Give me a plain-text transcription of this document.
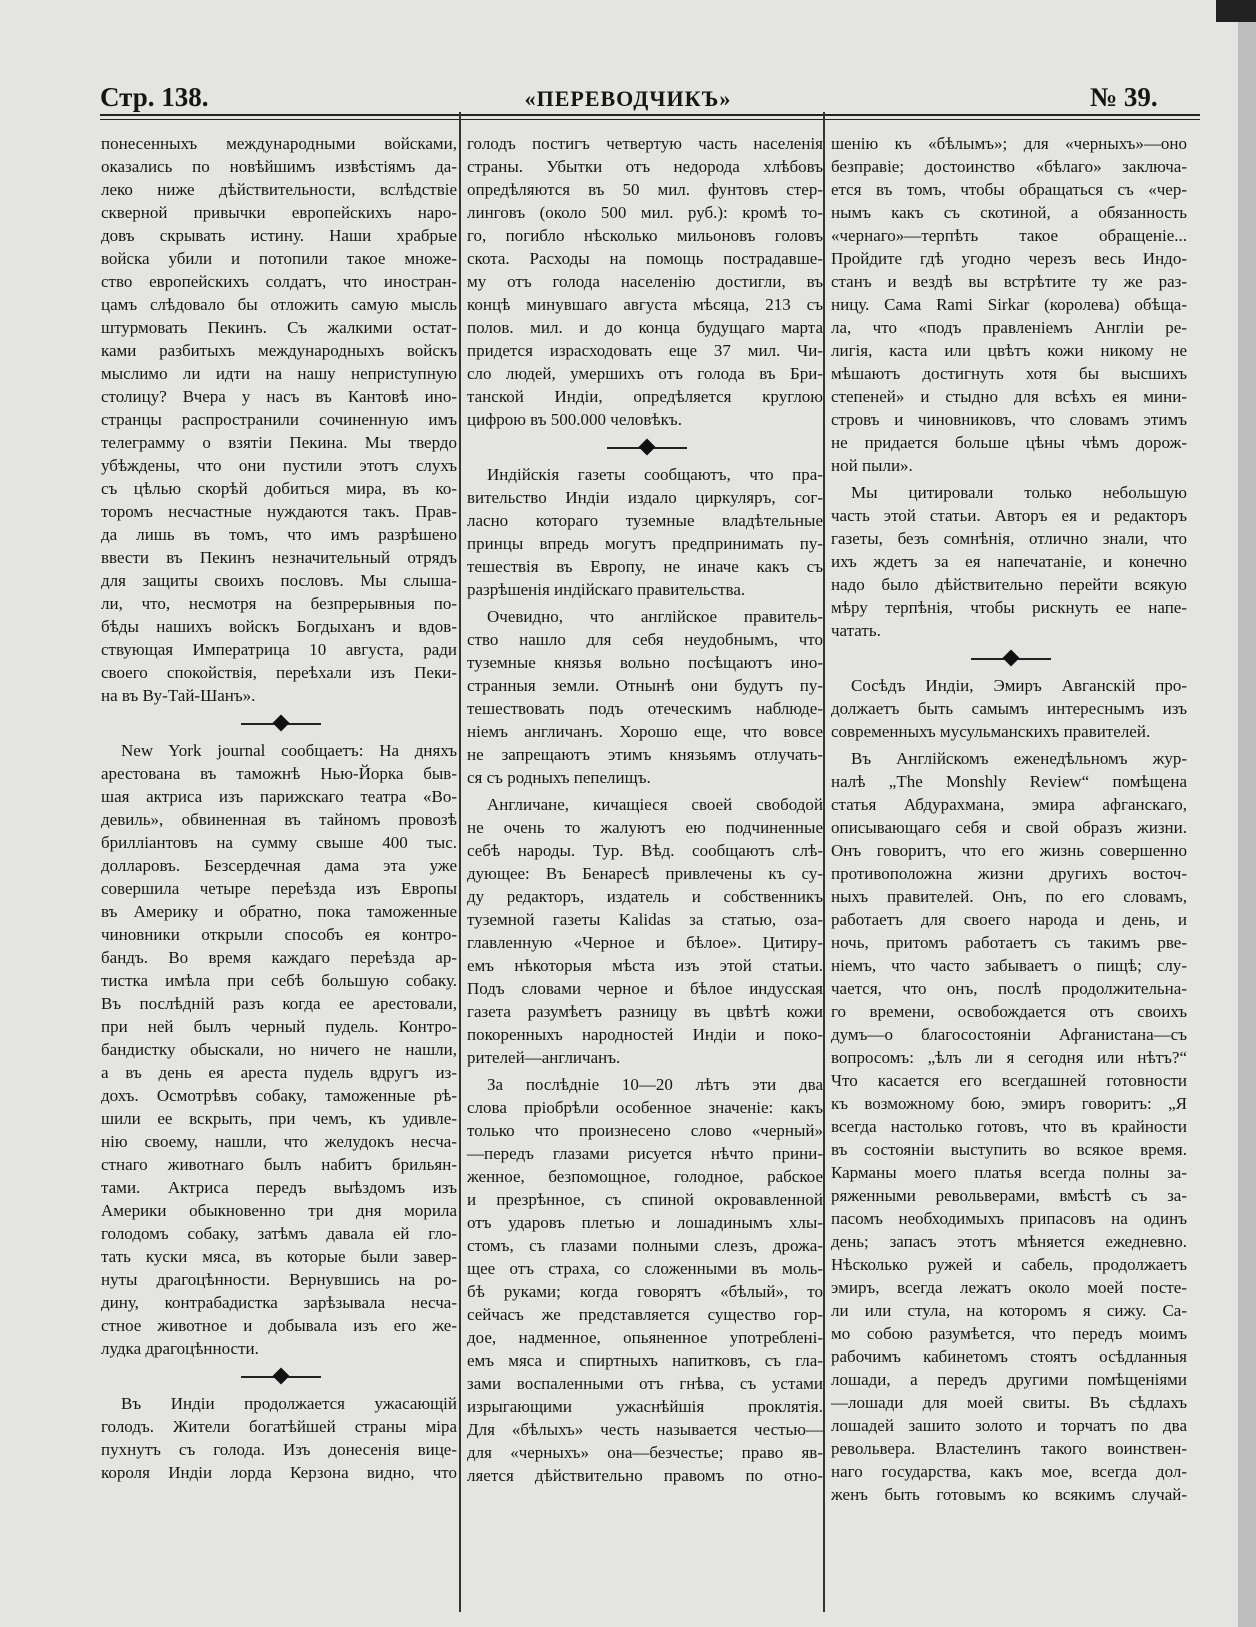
Стр. 138.	«ПЕРЕВОДЧИКЪ»	№ 39.
понесенныхъ международными войсками,
оказались по новѣйшимъ извѣстіямъ да-
леко ниже дѣйствительности, вслѣдствіе
скверной привычки европейскихъ наро-
довъ скрывать истину. Наши храбрые
войска убили и потопили такое множе-
ство европейскихъ солдатъ, что иностран-
цамъ слѣдовало бы отложить самую мысль
штурмовать Пекинъ. Съ жалкими остат-
ками разбитыхъ международныхъ войскъ
мыслимо ли идти на нашу неприступную
столицу? Вчера у насъ въ Кантовѣ ино-
странцы распространили сочиненную имъ
телеграмму о взятіи Пекина. Мы твердо
убѣждены, что они пустили этотъ слухъ
съ цѣлью скорѣй добиться мира, въ ко-
торомъ несчастные нуждаются такъ. Прав-
да лишь въ томъ, что имъ разрѣшено
ввести въ Пекинъ незначительный отрядъ
для защиты своихъ пословъ. Мы слыша-
ли, что, несмотря на безпрерывныя по-
бѣды нашихъ войскъ Богдыханъ и вдов-
ствующая Императрица 10 августа, ради
своего спокойствія, переѣхали изъ Пеки-
на въ Ву-Тай-Шанъ».
New York journal сообщаетъ: На дняхъ
арестована въ таможнѣ Нью-Йорка быв-
шая актриса изъ парижскаго театра «Во-
девиль», обвиненная въ тайномъ провозѣ
бриллiантовъ на сумму свыше 400 тыс.
долларовъ. Безсердечная дама эта уже
совершила четыре переѣзда изъ Европы
въ Америку и обратно, пока таможенные
чиновники открыли способъ ея контро-
бандъ. Во время каждаго переѣзда ар-
тистка имѣла при себѣ большую собаку.
Въ послѣдній разъ когда ее арестовали,
при ней былъ черный пудель. Контро-
бандистку обыскали, но ничего не нашли,
а въ день ея ареста пудель вдругъ из-
дохъ. Осмотрѣвъ собаку, таможенные рѣ-
шили ее вскрыть, при чемъ, къ удивле-
нію своему, нашли, что желудокъ несча-
стнаго животнаго былъ набитъ брильян-
тами. Актриса передъ выѣздомъ изъ
Америки обыкновенно три дня морила
голодомъ собаку, затѣмъ давала ей гло-
тать куски мяса, въ которые были завер-
нуты драгоцѣнности. Вернувшись на ро-
дину, контрабадистка зарѣзывала несча-
стное животное и добывала изъ его же-
лудка драгоцѣнности.
Въ Индіи продолжается ужасающій
голодъ. Жители богатѣйшей страны міра
пухнутъ съ голода. Изъ донесенія вице-
короля Индіи лорда Керзона видно, что
голодъ постигъ четвертую часть населенія
страны. Убытки отъ недорода хлѣбовъ
опредѣляются въ 50 мил. фунтовъ стер-
линговъ (около 500 мил. руб.): кромѣ то-
го, погибло нѣсколько мильоновъ головъ
скота. Расходы на помощь пострадавше-
му отъ голода населенію достигли, въ
концѣ минувшаго августа мѣсяца, 213 съ
полов. мил. и до конца будущаго марта
придется израсходовать еще 37 мил. Чи-
сло людей, умершихъ отъ голода въ Бри-
танской Индіи, опредѣляется круглою
цифрою въ 500.000 человѣкъ.
Индійскія газеты сообщаютъ, что пра-
вительство Индіи издало циркуляръ, сог-
ласно котораго туземные владѣтельные
принцы впредь могутъ предпринимать пу-
тешествія въ Европу, не иначе какъ съ
разрѣшенія индійскаго правительства.
Очевидно, что англійское правитель-
ство нашло для себя неудобнымъ, что
туземные князья вольно посѣщаютъ ино-
странныя земли. Отнынѣ они будутъ пу-
тешествовать подъ отеческимъ наблюде-
ніемъ англичанъ. Хорошо еще, что вовсе
не запрещаютъ этимъ князьямъ отлучать-
ся съ родныхъ пепелищъ.
Англичане, кичащіеся своей свободой
не очень то жалуютъ ею подчиненные
себѣ народы. Тур. Вѣд. сообщаютъ слѣ-
дующее: Въ Бенаресѣ привлечены къ су-
ду редакторъ, издатель и собственникъ
туземной газеты Kalidas за статью, оза-
главленную «Черное и бѣлое». Цитиру-
емъ нѣкоторыя мѣста изъ этой статьи.
Подъ словами черное и бѣлое индусская
газета разумѣетъ разницу въ цвѣтѣ кожи
покоренныхъ народностей Индіи и поко-
рителей—англичанъ.
За послѣдніе 10—20 лѣтъ эти два
слова пріобрѣли особенное значеніе: какъ
только что произнесено слово «черный»
—передъ глазами рисуется нѣчто прини-
женное, безпомощное, голодное, рабское
и презрѣнное, съ спиной окровавленной
отъ ударовъ плетью и лошадинымъ хлы-
стомъ, съ глазами полными слезъ, дрожа-
щее отъ страха, со сложенными въ моль-
бѣ руками; когда говорятъ «бѣлый», то
сейчасъ же представляется существо гор-
дое, надменное, опьяненное употребленi-
емъ мяса и спиртныхъ напитковъ, съ гла-
зами воспаленными отъ гнѣва, съ устами
изрыгающими ужаснѣйшія проклятія.
Для «бѣлыхъ» честь называется честью—
для «черныхъ» она—безчестье; право яв-
ляется дѣйствительно правомъ по отно-
шенію къ «бѣлымъ»; для «черныхъ»—оно
безправіе; достоинство «бѣлаго» заключа-
ется въ томъ, чтобы обращаться съ «чер-
нымъ какъ съ скотиной, а обязанность
«чернаго»—терпѣть такое обращеніе...
Пройдите гдѣ угодно черезъ весь Индо-
станъ и вездѣ вы встрѣтите ту же раз-
ницу. Сама Rami Sirkar (королева) обѣща-
ла, что «подъ правленіемъ Англіи ре-
лигія, каста или цвѣтъ кожи никому не
мѣшаютъ достигнуть хотя бы высшихъ
степеней» и стыдно для всѣхъ ея мини-
стровъ и чиновниковъ, что словамъ этимъ
не придается больше цѣны чѣмъ дорож-
ной пыли».
Мы цитировали только небольшую
часть этой статьи. Авторъ ея и редакторъ
газеты, безъ сомнѣнія, отлично знали, что
ихъ ждетъ за ея напечатаніе, и конечно
надо было дѣйствительно перейти всякую
мѣру терпѣнія, чтобы рискнуть ее напе-
чатать.
Сосѣдъ Индіи, Эмиръ Авганскій про-
должаетъ быть самымъ интереснымъ изъ
современныхъ мусульманскихъ правителей.
Въ Англійскомъ еженедѣльномъ жур-
налѣ „The Monshly Review“ помѣщена
статья Абдурахмана, эмира афганскаго,
описывающаго себя и свой образъ жизни.
Онъ говоритъ, что его жизнь совершенно
противоположна жизни другихъ восточ-
ныхъ правителей. Онъ, по его словамъ,
работаетъ для своего народа и день, и
ночь, притомъ работаетъ съ такимъ рве-
ніемъ, что часто забываетъ о пищѣ; слу-
чается, что онъ, послѣ продолжительна-
го времени, освобождается отъ своихъ
думъ—о благосостояніи Афганистана—съ
вопросомъ: „ѣлъ ли я сегодня или нѣтъ?“
Что касается его всегдашней готовности
къ возможному бою, эмиръ говоритъ: „Я
всегда настолько готовъ, что въ крайности
въ состояніи выступить во всякое время.
Карманы моего платья всегда полны за-
ряженными револьверами, вмѣстѣ съ за-
пасомъ необходимыхъ припасовъ на одинъ
день; запасъ этотъ мѣняется ежедневно.
Нѣсколько ружей и сабель, продолжаетъ
эмиръ, всегда лежатъ около моей посте-
ли или стула, на которомъ я сижу. Са-
мо собою разумѣется, что передъ моимъ
рабочимъ кабинетомъ стоятъ осѣдланныя
лошади, а передъ другими помѣщеніями
—лошади для моей свиты. Въ сѣдлахъ
лошадей зашито золото и торчатъ по два
револьвера. Властелинъ такого воинствен-
наго государства, какъ мое, всегда дол-
женъ быть готовымъ ко всякимъ случай-
